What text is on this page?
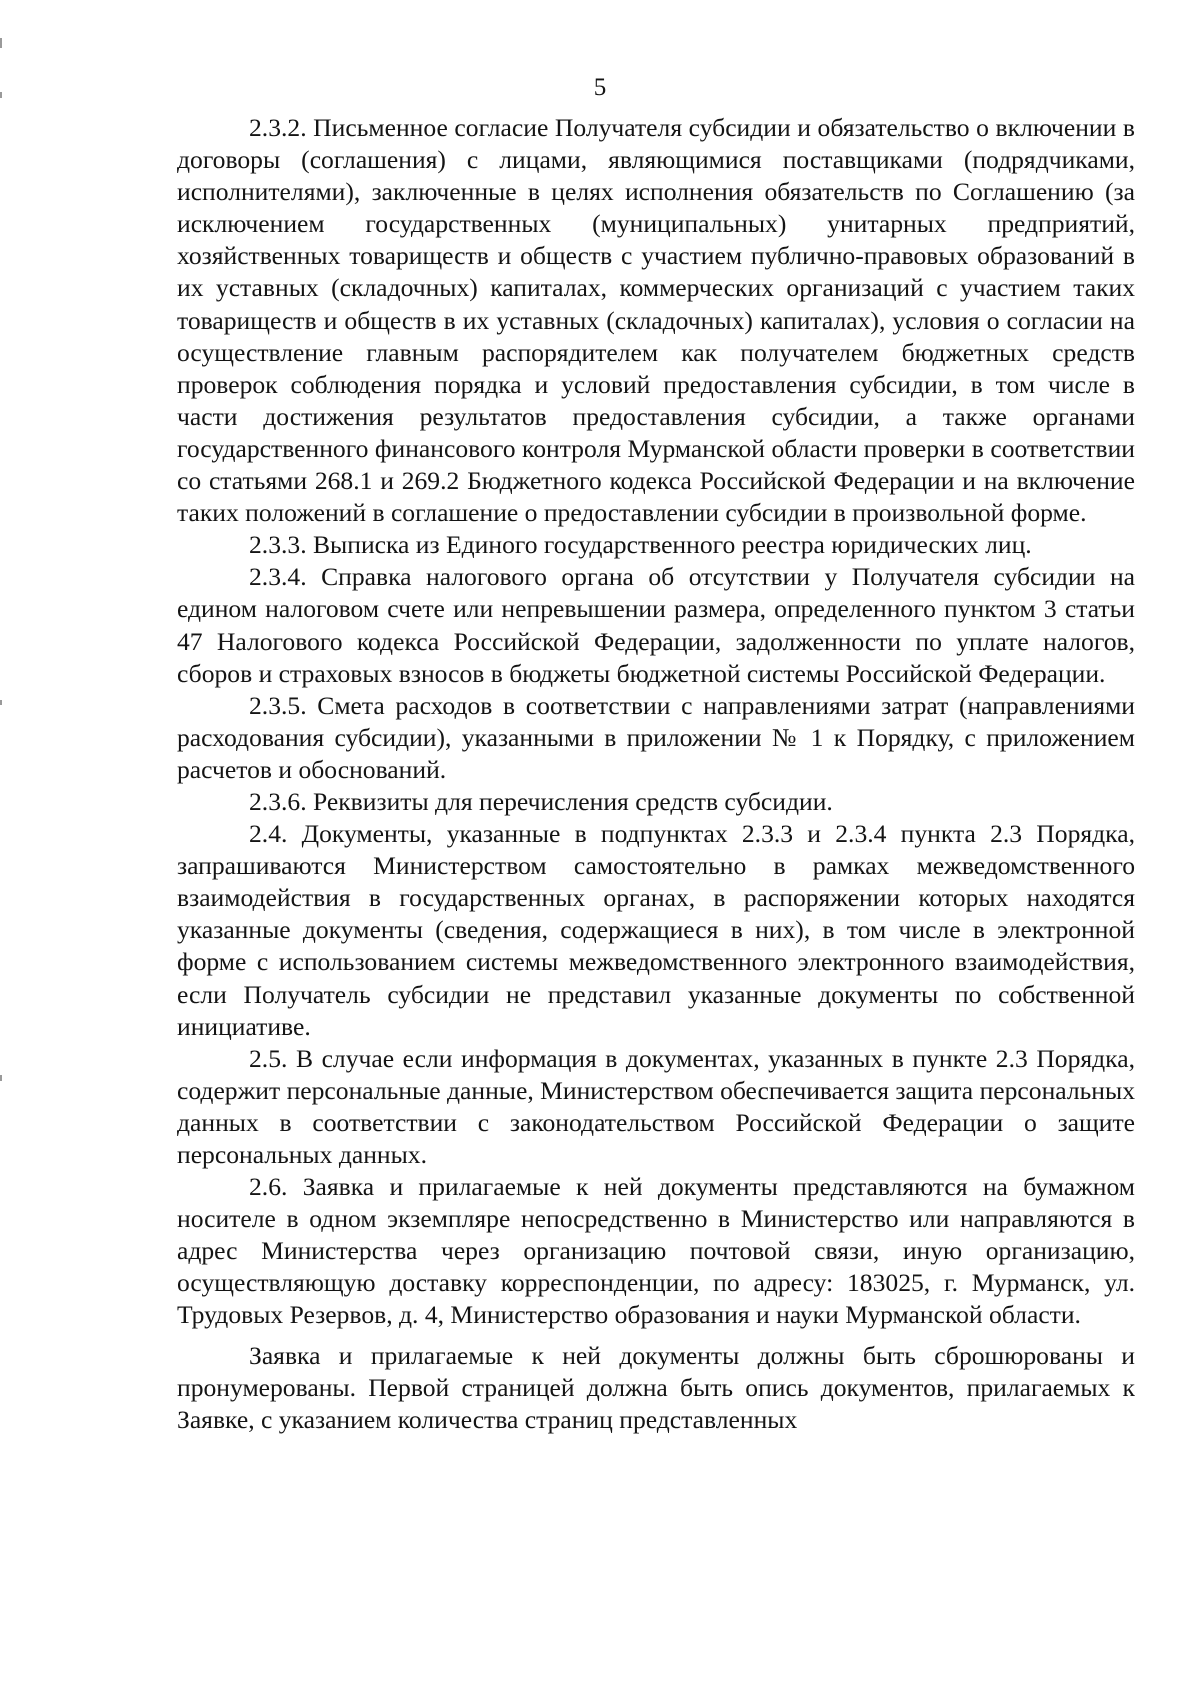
5

2.3.2. Письменное согласие Получателя субсидии и обязательство о включении в договоры (соглашения) с лицами, являющимися поставщиками (подрядчиками, исполнителями), заключенные в целях исполнения обязательств по Соглашению (за исключением государственных (муниципальных) унитарных предприятий, хозяйственных товариществ и обществ с участием публично-правовых образований в их уставных (складочных) капиталах, коммерческих организаций с участием таких товариществ и обществ в их уставных (складочных) капиталах), условия о согласии на осуществление главным распорядителем как получателем бюджетных средств проверок соблюдения порядка и условий предоставления субсидии, в том числе в части достижения результатов предоставления субсидии, а также органами государственного финансового контроля Мурманской области проверки в соответствии со статьями 268.1 и 269.2 Бюджетного кодекса Российской Федерации и на включение таких положений в соглашение о предоставлении субсидии в произвольной форме.

2.3.3. Выписка из Единого государственного реестра юридических лиц.

2.3.4. Справка налогового органа об отсутствии у Получателя субсидии на едином налоговом счете или непревышении размера, определенного пунктом 3 статьи 47 Налогового кодекса Российской Федерации, задолженности по уплате налогов, сборов и страховых взносов в бюджеты бюджетной системы Российской Федерации.

2.3.5. Смета расходов в соответствии с направлениями затрат (направлениями расходования субсидии), указанными в приложении № 1 к Порядку, с приложением расчетов и обоснований.

2.3.6. Реквизиты для перечисления средств субсидии.

2.4. Документы, указанные в подпунктах 2.3.3 и 2.3.4 пункта 2.3 Порядка, запрашиваются Министерством самостоятельно в рамках межведомственного взаимодействия в государственных органах, в распоряжении которых находятся указанные документы (сведения, содержащиеся в них), в том числе в электронной форме с использованием системы межведомственного электронного взаимодействия, если Получатель субсидии не представил указанные документы по собственной инициативе.

2.5. В случае если информация в документах, указанных в пункте 2.3 Порядка, содержит персональные данные, Министерством обеспечивается защита персональных данных в соответствии с законодательством Российской Федерации о защите персональных данных.

2.6. Заявка и прилагаемые к ней документы представляются на бумажном носителе в одном экземпляре непосредственно в Министерство или направляются в адрес Министерства через организацию почтовой связи, иную организацию, осуществляющую доставку корреспонденции, по адресу: 183025, г. Мурманск, ул. Трудовых Резервов, д. 4, Министерство образования и науки Мурманской области.

Заявка и прилагаемые к ней документы должны быть сброшюрованы и пронумерованы. Первой страницей должна быть опись документов, прилагаемых к Заявке, с указанием количества страниц представленных
